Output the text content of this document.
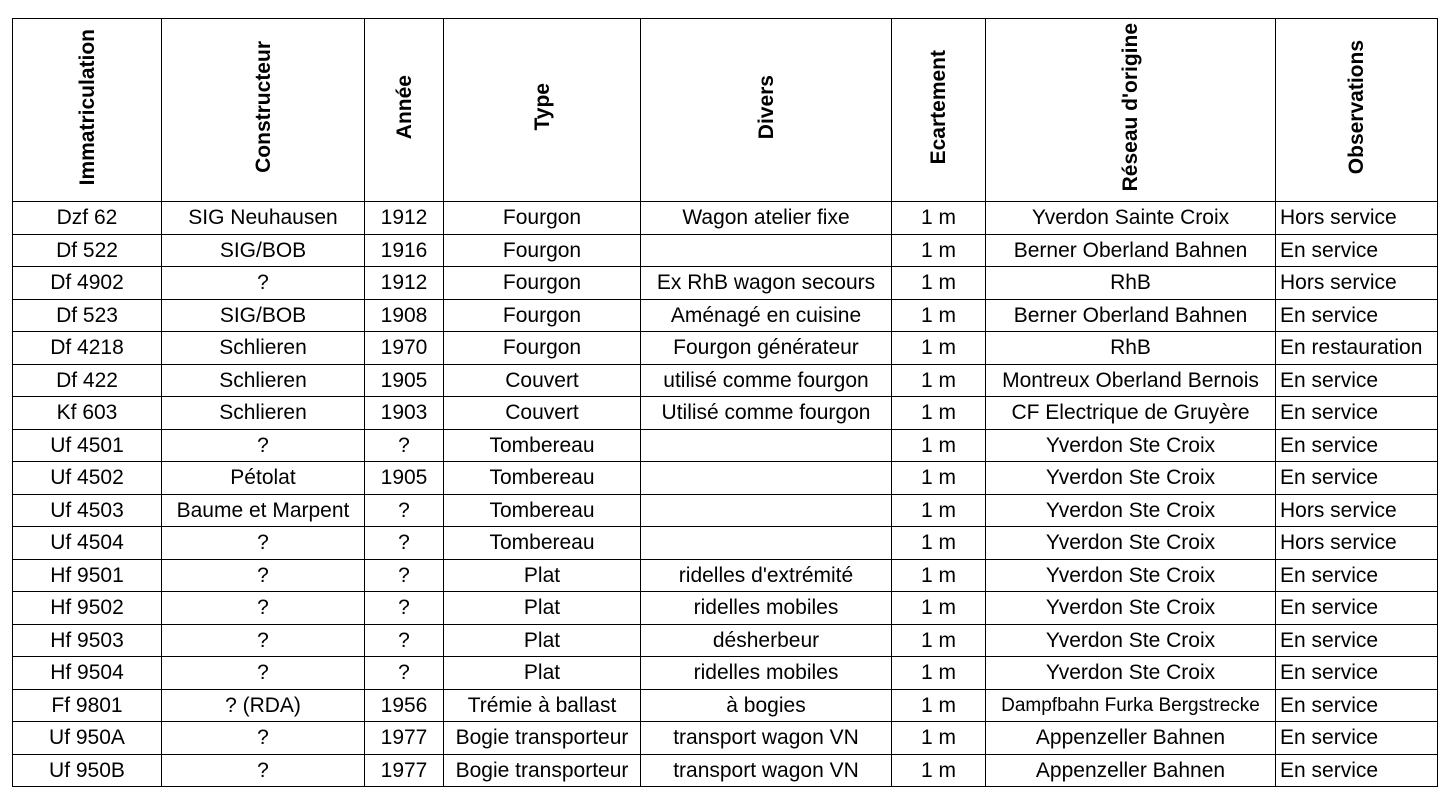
Immatriculation	Constructeur	Année	Type	Divers	Ecartement	Réseau d'origine	Observations
Dzf 62	SIG Neuhausen	1912	Fourgon	Wagon atelier fixe	1 m	Yverdon Sainte Croix	Hors service
Df 522	SIG/BOB	1916	Fourgon		1 m	Berner Oberland Bahnen	En service
Df 4902	?	1912	Fourgon	Ex RhB wagon secours	1 m	RhB	Hors service
Df 523	SIG/BOB	1908	Fourgon	Aménagé en cuisine	1 m	Berner Oberland Bahnen	En service
Df 4218	Schlieren	1970	Fourgon	Fourgon générateur	1 m	RhB	En restauration
Df 422	Schlieren	1905	Couvert	utilisé comme fourgon	1 m	Montreux Oberland Bernois	En service
Kf 603	Schlieren	1903	Couvert	Utilisé comme fourgon	1 m	CF Electrique de Gruyère	En service
Uf 4501	?	?	Tombereau		1 m	Yverdon Ste Croix	En service
Uf 4502	Pétolat	1905	Tombereau		1 m	Yverdon Ste Croix	En service
Uf 4503	Baume et Marpent	?	Tombereau		1 m	Yverdon Ste Croix	Hors service
Uf 4504	?	?	Tombereau		1 m	Yverdon Ste Croix	Hors service
Hf 9501	?	?	Plat	ridelles d'extrémité	1 m	Yverdon Ste Croix	En service
Hf 9502	?	?	Plat	ridelles mobiles	1 m	Yverdon Ste Croix	En service
Hf 9503	?	?	Plat	désherbeur	1 m	Yverdon Ste Croix	En service
Hf 9504	?	?	Plat	ridelles mobiles	1 m	Yverdon Ste Croix	En service
Ff 9801	? (RDA)	1956	Trémie à ballast	à bogies	1 m	Dampfbahn Furka Bergstrecke	En service
Uf 950A	?	1977	Bogie transporteur	transport wagon VN	1 m	Appenzeller Bahnen	En service
Uf 950B	?	1977	Bogie transporteur	transport wagon VN	1 m	Appenzeller Bahnen	En service
